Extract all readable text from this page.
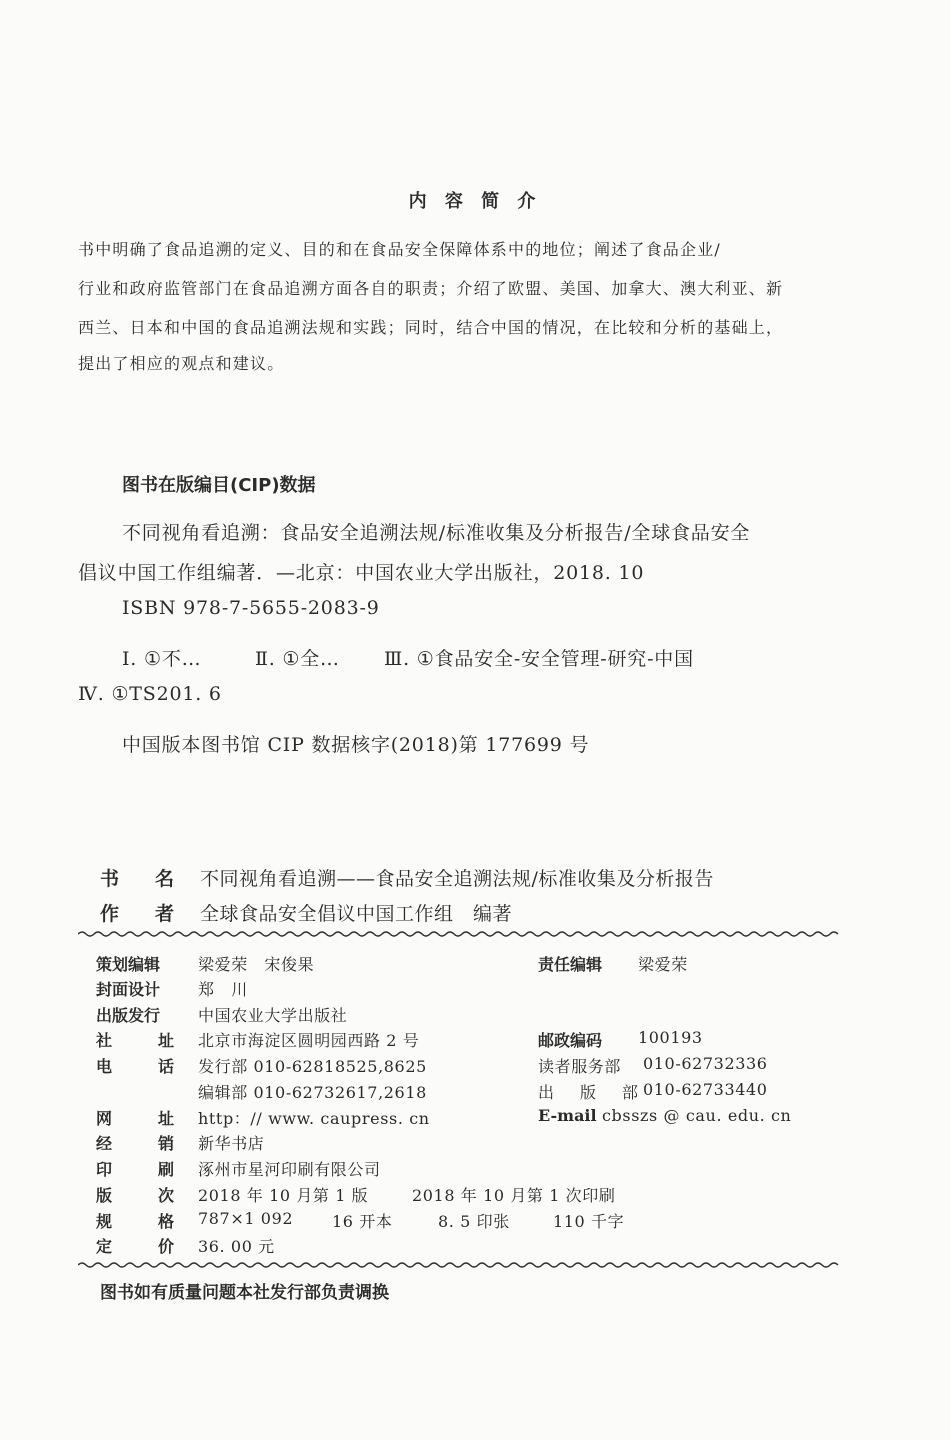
内 容 简 介
书中明确了食品追溯的定义、目的和在食品安全保障体系中的地位；阐述了食品企业/
行业和政府监管部门在食品追溯方面各自的职责；介绍了欧盟、美国、加拿大、澳大利亚、新
西兰、日本和中国的食品追溯法规和实践；同时，结合中国的情况，在比较和分析的基础上，
提出了相应的观点和建议。
图书在版编目(CIP)数据
不同视角看追溯：食品安全追溯法规/标准收集及分析报告/全球食品安全
倡议中国工作组编著．—北京：中国农业大学出版社，2018. 10
ISBN 978-7-5655-2083-9
Ⅰ. ①不…	Ⅱ. ①全… Ⅲ. ①食品安全-安全管理-研究-中国
Ⅳ. ①TS201. 6
中国版本图书馆 CIP 数据核字(2018)第 177699 号
书 名 不同视角看追溯——食品安全追溯法规/标准收集及分析报告
作 者 全球食品安全倡议中国工作组　编著
策划编辑 梁爱荣　宋俊果	责任编辑 梁爱荣
封面设计 郑　川
出版发行 中国农业大学出版社
社	址 北京市海淀区圆明园西路 2 号	邮政编码 100193
电	话 发行部 010-62818525,8625	读者服务部 010-62732336
编辑部 010-62732617,2618	出 版 部 010-62733440
网	址 http：// www. caupress. cn	E-mail cbsszs @ cau. edu. cn
经	销 新华书店
印	刷 涿州市星河印刷有限公司
版	次 2018 年 10 月第 1 版	2018 年 10 月第 1 次印刷
规	格 787×1 092 16 开本	8. 5 印张	110 千字
定	价 36. 00 元
图书如有质量问题本社发行部负责调换
